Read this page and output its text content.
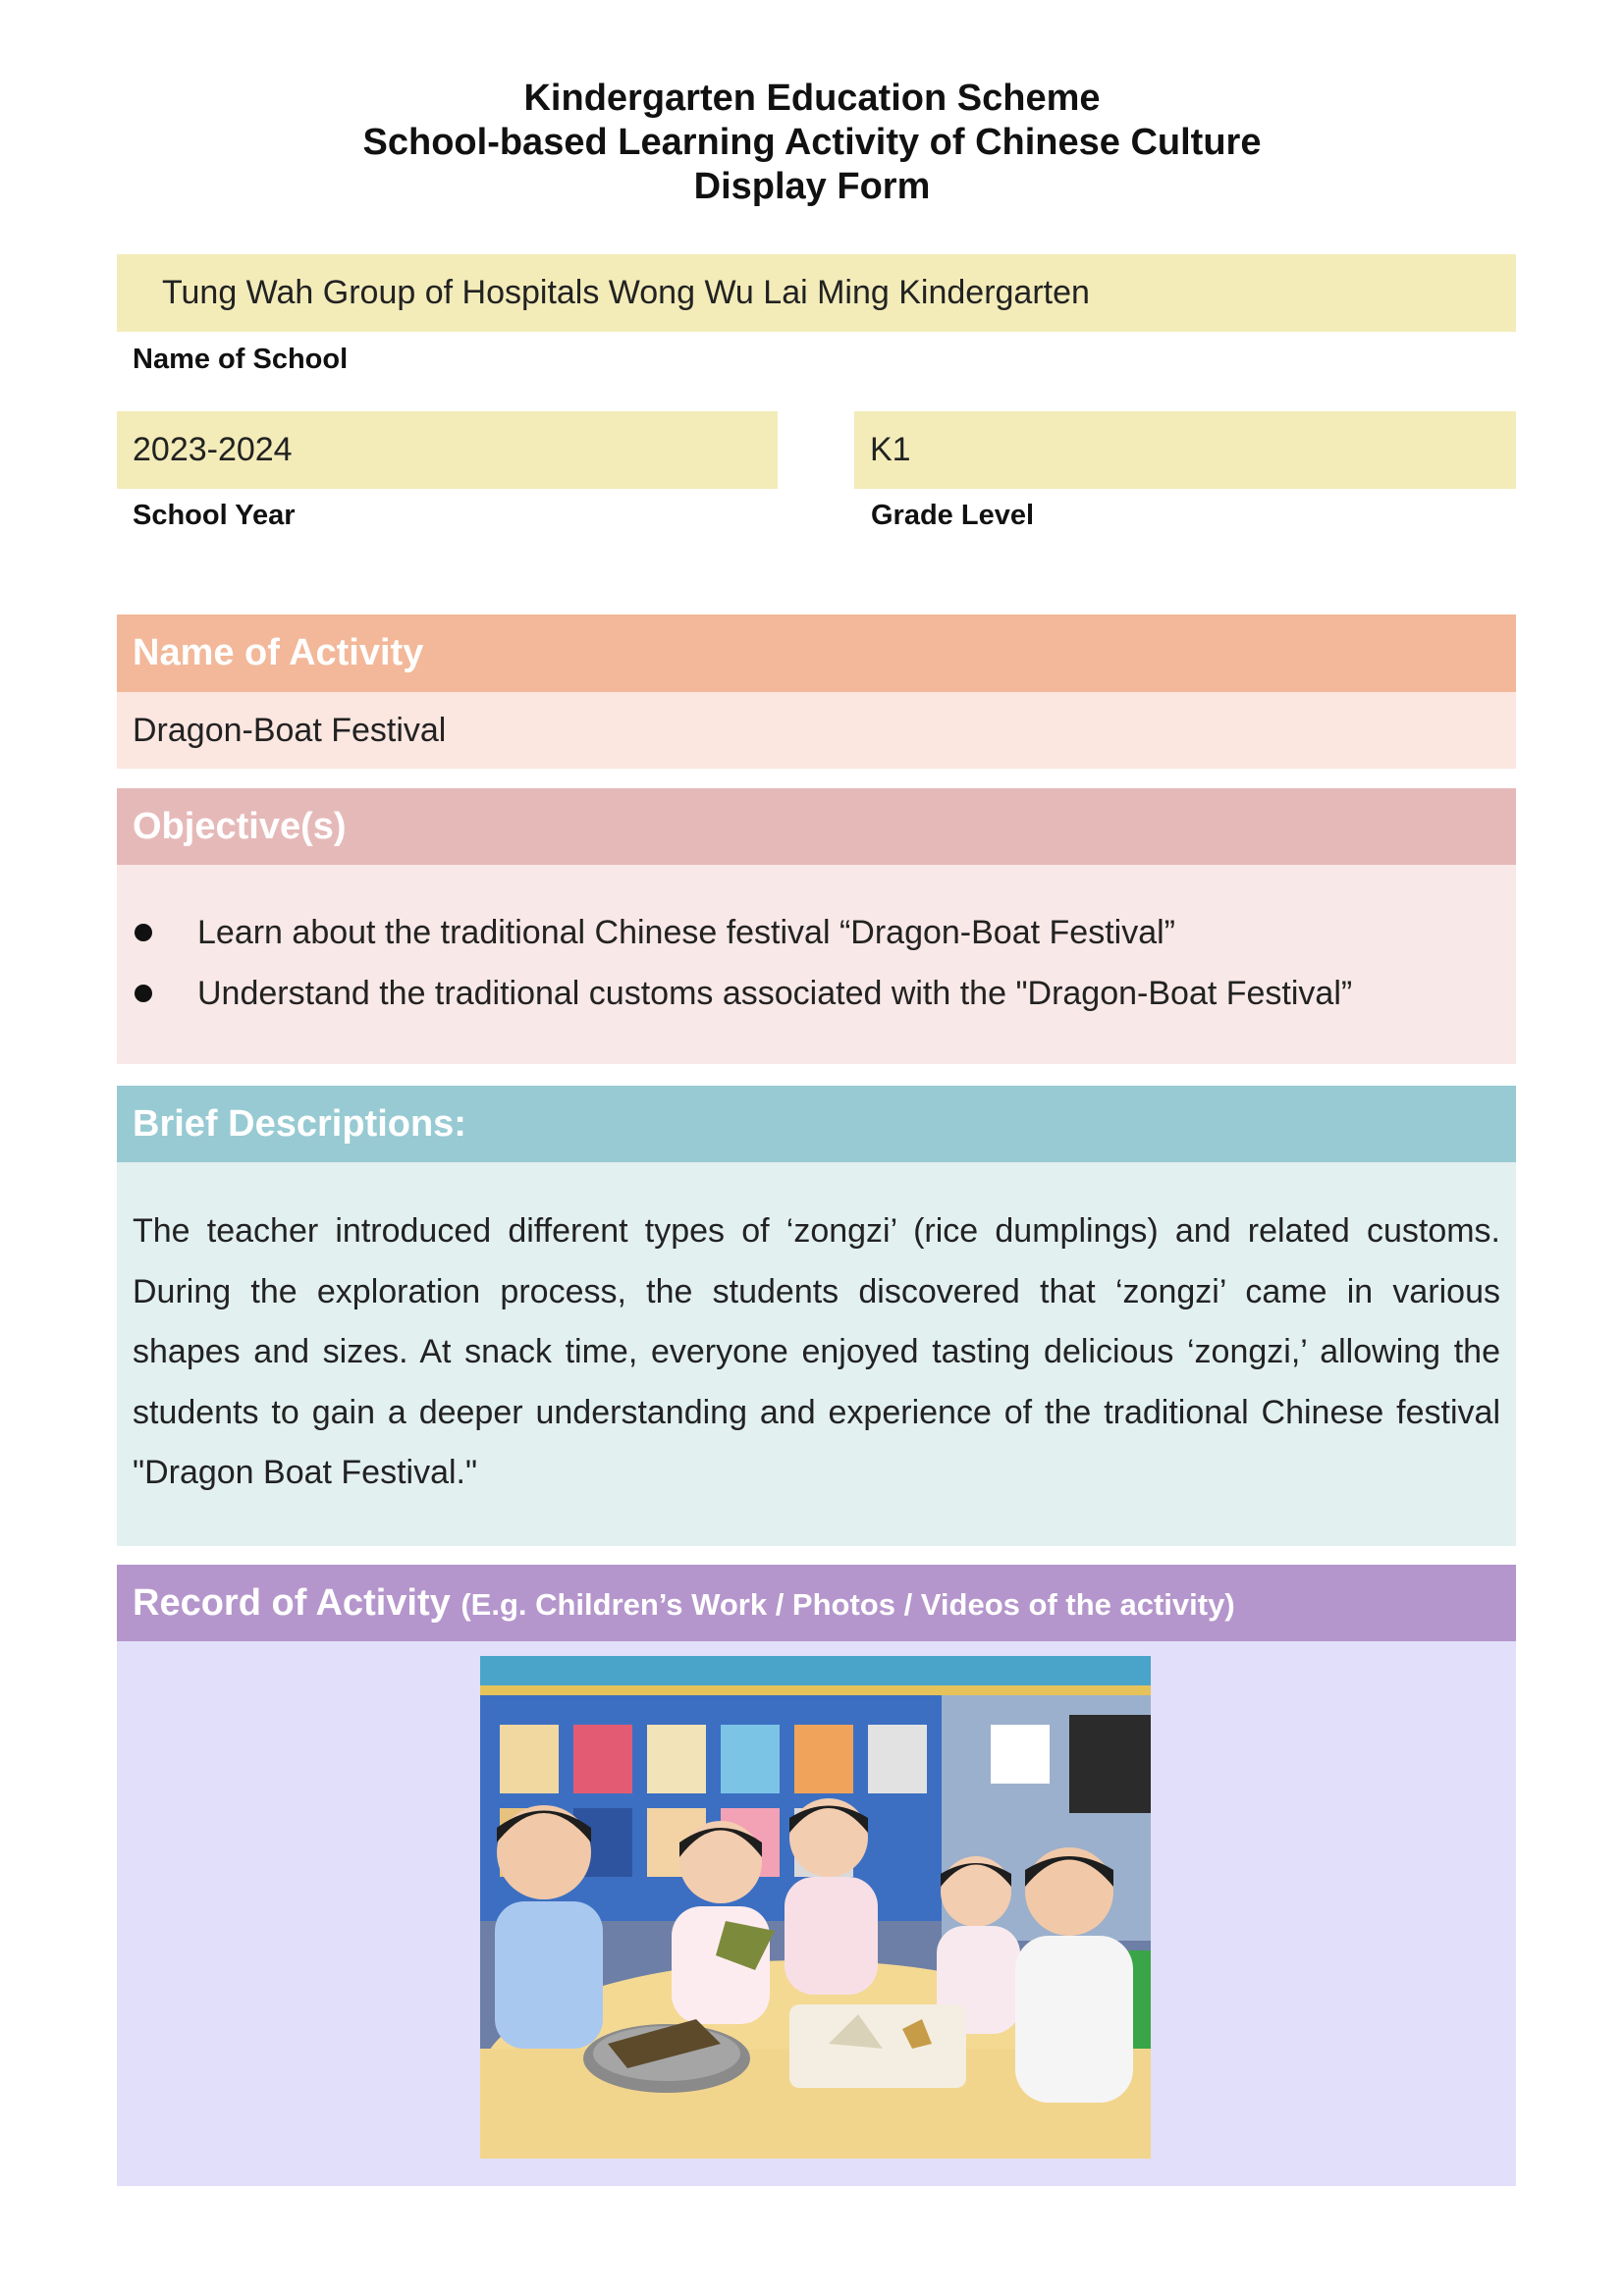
Kindergarten Education Scheme
School-based Learning Activity of Chinese Culture
Display Form
Tung Wah Group of Hospitals Wong Wu Lai Ming Kindergarten
Name of School
2023-2024
School Year
K1
Grade Level
Name of Activity
Dragon-Boat Festival
Objective(s)
Learn about the traditional Chinese festival “Dragon-Boat Festival”
Understand the traditional customs associated with the "Dragon-Boat Festival”
Brief Descriptions:
The teacher introduced different types of ‘zongzi’ (rice dumplings) and related customs. During the exploration process, the students discovered that ‘zongzi’ came in various shapes and sizes. At snack time, everyone enjoyed tasting delicious ‘zongzi,’ allowing the students to gain a deeper understanding and experience of the traditional Chinese festival "Dragon Boat Festival."
Record of Activity (E.g. Children’s Work / Photos / Videos of the activity)
